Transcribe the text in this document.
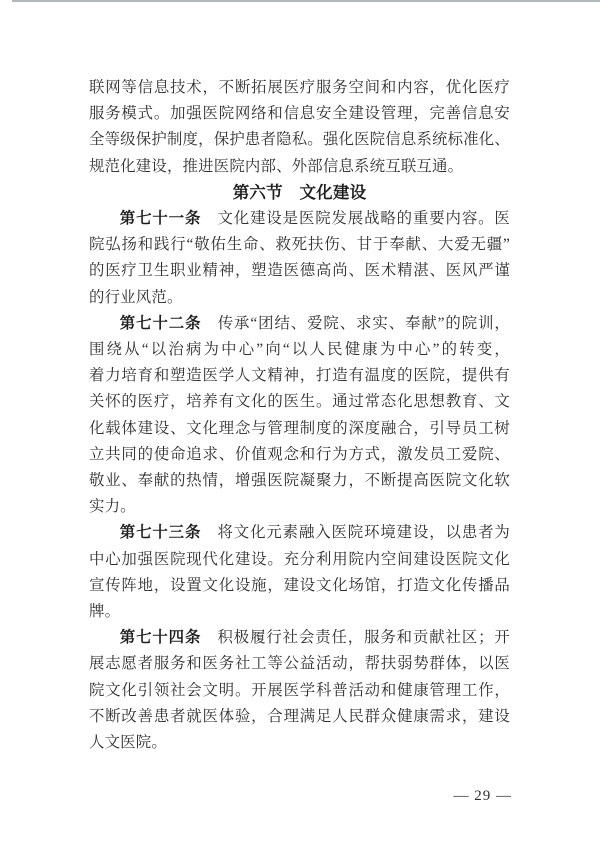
联网等信息技术，不断拓展医疗服务空间和内容，优化医疗
服务模式。加强医院网络和信息安全建设管理，完善信息安
全等级保护制度，保护患者隐私。强化医院信息系统标准化、
规范化建设，推进医院内部、外部信息系统互联互通。
第六节　文化建设
第七十一条　文化建设是医院发展战略的重要内容。医
院弘扬和践行“敬佑生命、救死扶伤、甘于奉献、大爱无疆”
的医疗卫生职业精神，塑造医德高尚、医术精湛、医风严谨
的行业风范。
第七十二条　传承“团结、爱院、求实、奉献”的院训，
围绕从“以治病为中心”向“以人民健康为中心”的转变，
着力培育和塑造医学人文精神，打造有温度的医院，提供有
关怀的医疗，培养有文化的医生。通过常态化思想教育、文
化载体建设、文化理念与管理制度的深度融合，引导员工树
立共同的使命追求、价值观念和行为方式，激发员工爱院、
敬业、奉献的热情，增强医院凝聚力，不断提高医院文化软
实力。
第七十三条　将文化元素融入医院环境建设，以患者为
中心加强医院现代化建设。充分利用院内空间建设医院文化
宣传阵地，设置文化设施，建设文化场馆，打造文化传播品
牌。
第七十四条　积极履行社会责任，服务和贡献社区；开
展志愿者服务和医务社工等公益活动，帮扶弱势群体，以医
院文化引领社会文明。开展医学科普活动和健康管理工作，
不断改善患者就医体验，合理满足人民群众健康需求，建设
人文医院。
— 29 —
